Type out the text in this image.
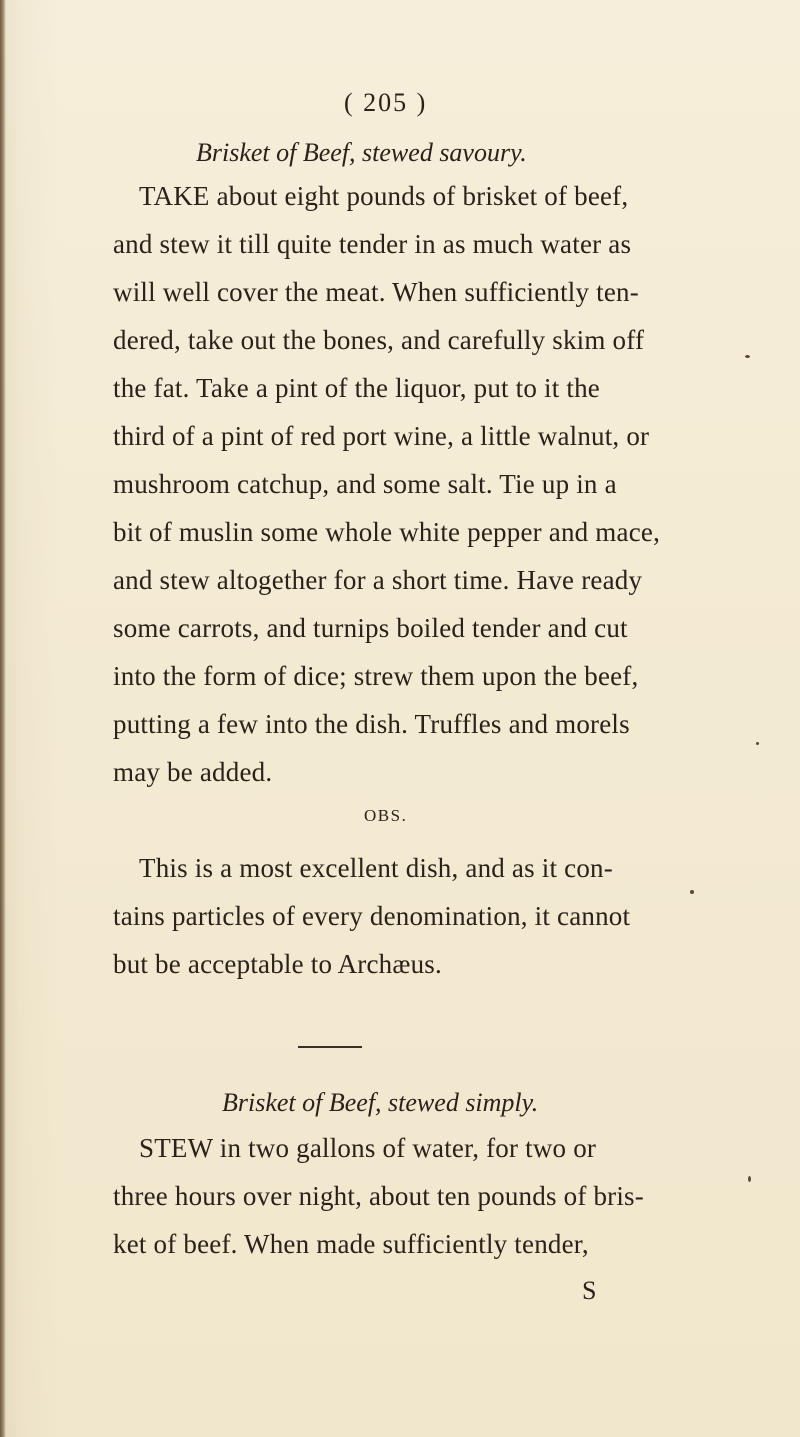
( 205 )
Brisket of Beef, stewed savoury.
TAKE about eight pounds of brisket of beef,
and stew it till quite tender in as much water as
will well cover the meat. When sufficiently ten-
dered, take out the bones, and carefully skim off
the fat. Take a pint of the liquor, put to it the
third of a pint of red port wine, a little walnut, or
mushroom catchup, and some salt. Tie up in a
bit of muslin some whole white pepper and mace,
and stew altogether for a short time. Have ready
some carrots, and turnips boiled tender and cut
into the form of dice; strew them upon the beef,
putting a few into the dish. Truffles and morels
may be added.
OBS.
This is a most excellent dish, and as it con-
tains particles of every denomination, it cannot
but be acceptable to Archæus.
Brisket of Beef, stewed simply.
STEW in two gallons of water, for two or
three hours over night, about ten pounds of bris-
ket of beef. When made sufficiently tender,
S
